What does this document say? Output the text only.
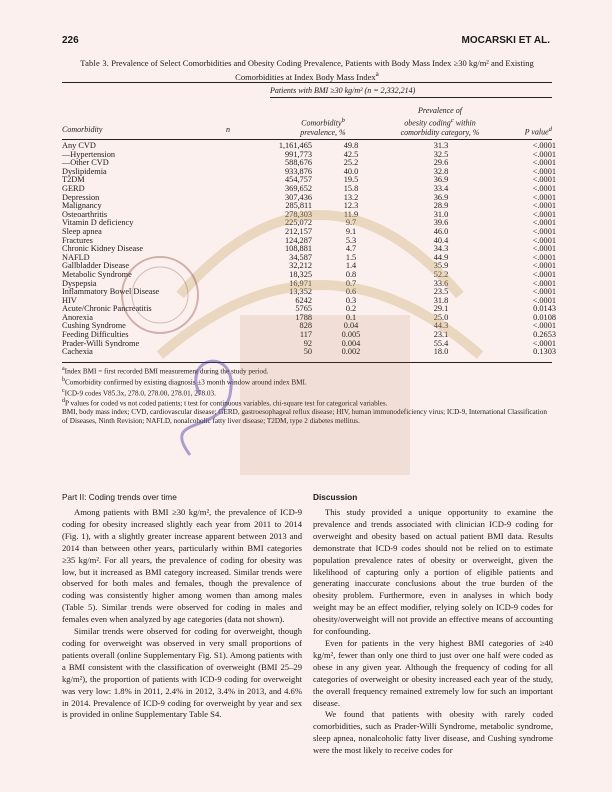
226	MOCARSKI ET AL.
Table 3. Prevalence of Select Comorbidities and Obesity Coding Prevalence, Patients with Body Mass Index ≥30 kg/m² and Existing Comorbidities at Index Body Mass Index$^a$
Patients with BMI ≥30 kg/m² (n = 2,332,214)
Comorbidity	n
Comorbidity$^b$
prevalence, %
Prevalence of
obesity coding$^c$ within
comorbidity category, %	P value$^d$
Any CVD	1,161,465	49.8	31.3	<.0001
—Hypertension	991,773	42.5	32.5	<.0001
—Other CVD	588,676	25.2	29.6	<.0001
Dyslipidemia	933,876	40.0	32.8	<.0001
T2DM	454,757	19.5	36.9	<.0001
GERD	369,652	15.8	33.4	<.0001
Depression	307,436	13.2	36.9	<.0001
Malignancy	285,811	12.3	28.9	<.0001
Osteoarthritis	278,303	11.9	31.0	<.0001
Vitamin D deficiency	225,072	9.7	39.6	<.0001
Sleep apnea	212,157	9.1	46.0	<.0001
Fractures	124,287	5.3	40.4	<.0001
Chronic Kidney Disease	108,881	4.7	34.3	<.0001
NAFLD	34,587	1.5	44.9	<.0001
Gallbladder Disease	32,212	1.4	35.9	<.0001
Metabolic Syndrome	18,325	0.8	52.2	<.0001
Dyspepsia	16,971	0.7	33.6	<.0001
Inflammatory Bowel Disease	13,352	0.6	23.5	<.0001
HIV	6242	0.3	31.8	<.0001
Acute/Chronic Pancreatitis	5765	0.2	29.1	0.0143
Anorexia	1788	0.1	25.0	0.0108
Cushing Syndrome	828	0.04	44.3	<.0001
Feeding Difficulties	117	0.005	23.1	0.2653
Prader-Willi Syndrome	92	0.004	55.4	<.0001
Cachexia	50	0.002	18.0	0.1303

$^a$Index BMI = first recorded BMI measurement during the study period.

$^b$Comorbidity confirmed by existing diagnosis ±3 month window around index BMI.

$^c$ICD-9 codes V85.3x, 278.0, 278.00, 278.01, 278.03.

$^d$P values for coded vs not coded patients; t test for continuous variables, chi-square test for categorical variables.

BMI, body mass index; CVD, cardiovascular disease; GERD, gastroesophageal reflux disease; HIV, human immunodeficiency virus; ICD-9, International Classification of Diseases, Ninth Revision; NAFLD, nonalcoholic fatty liver disease; T2DM, type 2 diabetes mellitus.

Part II: Coding trends over time

Among patients with BMI ≥30 kg/m², the prevalence of ICD-9 coding for obesity increased slightly each year from 2011 to 2014 (Fig. 1), with a slightly greater increase apparent between 2013 and 2014 than between other years, particularly within BMI categories ≥35 kg/m². For all years, the prevalence of coding for obesity was low, but it increased as BMI category increased. Similar trends were observed for both males and females, though the prevalence of coding was consistently higher among women than among males (Table 5). Similar trends were observed for coding in males and females even when analyzed by age categories (data not shown).

Similar trends were observed for coding for overweight, though coding for overweight was observed in very small proportions of patients overall (online Supplementary Fig. S1). Among patients with a BMI consistent with the classification of overweight (BMI 25–29 kg/m²), the proportion of patients with ICD-9 coding for overweight was very low: 1.8% in 2011, 2.4% in 2012, 3.4% in 2013, and 4.6% in 2014. Prevalence of ICD-9 coding for overweight by year and sex is provided in online Supplementary Table S4.

Discussion

This study provided a unique opportunity to examine the prevalence and trends associated with clinician ICD-9 coding for overweight and obesity based on actual patient BMI data. Results demonstrate that ICD-9 codes should not be relied on to estimate population prevalence rates of obesity or overweight, given the likelihood of capturing only a portion of eligible patients and generating inaccurate conclusions about the true burden of the obesity problem. Furthermore, even in analyses in which body weight may be an effect modifier, relying solely on ICD-9 codes for obesity/overweight will not provide an effective means of accounting for confounding.

Even for patients in the very highest BMI categories of ≥40 kg/m², fewer than only one third to just over one half were coded as obese in any given year. Although the frequency of coding for all categories of overweight or obesity increased each year of the study, the overall frequency remained extremely low for such an important disease.

We found that patients with obesity with rarely coded comorbidities, such as Prader-Willi Syndrome, metabolic syndrome, sleep apnea, nonalcoholic fatty liver disease, and Cushing syndrome were the most likely to receive codes for
